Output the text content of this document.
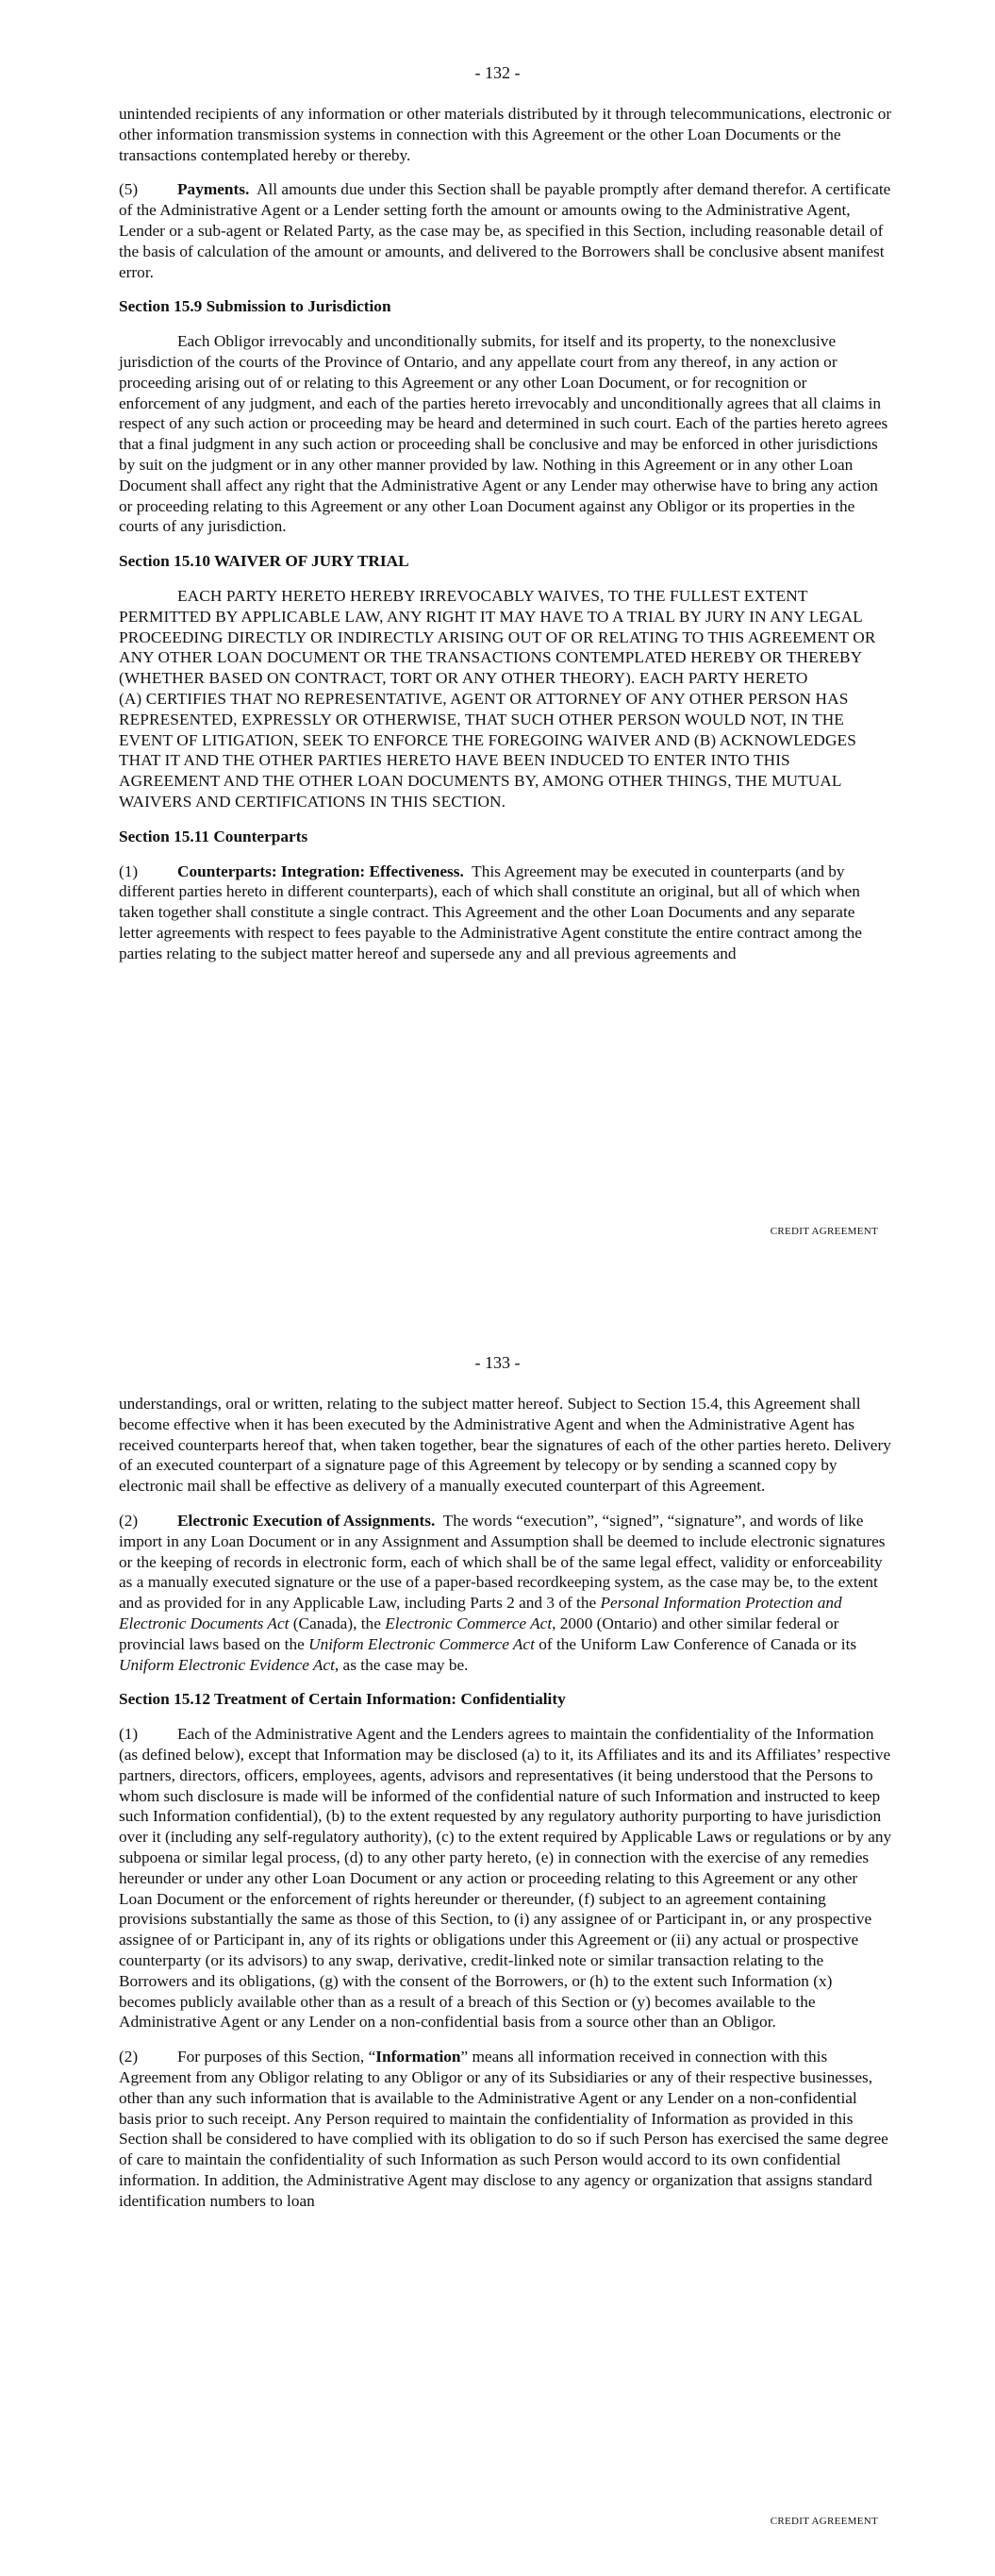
- 132 -

unintended recipients of any information or other materials distributed by it through telecommunications, electronic or other information transmission systems in connection with this Agreement or the other Loan Documents or the transactions contemplated hereby or thereby.

(5) Payments. All amounts due under this Section shall be payable promptly after demand therefor. A certificate of the Administrative Agent or a Lender setting forth the amount or amounts owing to the Administrative Agent, Lender or a sub-agent or Related Party, as the case may be, as specified in this Section, including reasonable detail of the basis of calculation of the amount or amounts, and delivered to the Borrowers shall be conclusive absent manifest error.

Section 15.9 Submission to Jurisdiction

Each Obligor irrevocably and unconditionally submits, for itself and its property, to the nonexclusive jurisdiction of the courts of the Province of Ontario, and any appellate court from any thereof, in any action or proceeding arising out of or relating to this Agreement or any other Loan Document, or for recognition or enforcement of any judgment, and each of the parties hereto irrevocably and unconditionally agrees that all claims in respect of any such action or proceeding may be heard and determined in such court. Each of the parties hereto agrees that a final judgment in any such action or proceeding shall be conclusive and may be enforced in other jurisdictions by suit on the judgment or in any other manner provided by law. Nothing in this Agreement or in any other Loan Document shall affect any right that the Administrative Agent or any Lender may otherwise have to bring any action or proceeding relating to this Agreement or any other Loan Document against any Obligor or its properties in the courts of any jurisdiction.

Section 15.10 WAIVER OF JURY TRIAL

EACH PARTY HERETO HEREBY IRREVOCABLY WAIVES, TO THE FULLEST EXTENT PERMITTED BY APPLICABLE LAW, ANY RIGHT IT MAY HAVE TO A TRIAL BY JURY IN ANY LEGAL PROCEEDING DIRECTLY OR INDIRECTLY ARISING OUT OF OR RELATING TO THIS AGREEMENT OR ANY OTHER LOAN DOCUMENT OR THE TRANSACTIONS CONTEMPLATED HEREBY OR THEREBY (WHETHER BASED ON CONTRACT, TORT OR ANY OTHER THEORY). EACH PARTY HERETO
(A) CERTIFIES THAT NO REPRESENTATIVE, AGENT OR ATTORNEY OF ANY OTHER PERSON HAS REPRESENTED, EXPRESSLY OR OTHERWISE, THAT SUCH OTHER PERSON WOULD NOT, IN THE EVENT OF LITIGATION, SEEK TO ENFORCE THE FOREGOING WAIVER AND (B) ACKNOWLEDGES THAT IT AND THE OTHER PARTIES HERETO HAVE BEEN INDUCED TO ENTER INTO THIS AGREEMENT AND THE OTHER LOAN DOCUMENTS BY, AMONG OTHER THINGS, THE MUTUAL WAIVERS AND CERTIFICATIONS IN THIS SECTION.

Section 15.11 Counterparts

(1) Counterparts: Integration: Effectiveness. This Agreement may be executed in counterparts (and by different parties hereto in different counterparts), each of which shall constitute an original, but all of which when taken together shall constitute a single contract. This Agreement and the other Loan Documents and any separate letter agreements with respect to fees payable to the Administrative Agent constitute the entire contract among the parties relating to the subject matter hereof and supersede any and all previous agreements and

CREDIT AGREEMENT
- 133 -

understandings, oral or written, relating to the subject matter hereof. Subject to Section 15.4, this Agreement shall become effective when it has been executed by the Administrative Agent and when the Administrative Agent has received counterparts hereof that, when taken together, bear the signatures of each of the other parties hereto. Delivery of an executed counterpart of a signature page of this Agreement by telecopy or by sending a scanned copy by electronic mail shall be effective as delivery of a manually executed counterpart of this Agreement.

(2) Electronic Execution of Assignments. The words “execution”, “signed”, “signature”, and words of like import in any Loan Document or in any Assignment and Assumption shall be deemed to include electronic signatures or the keeping of records in electronic form, each of which shall be of the same legal effect, validity or enforceability as a manually executed signature or the use of a paper-based recordkeeping system, as the case may be, to the extent and as provided for in any Applicable Law, including Parts 2 and 3 of the Personal Information Protection and Electronic Documents Act (Canada), the Electronic Commerce Act, 2000 (Ontario) and other similar federal or provincial laws based on the Uniform Electronic Commerce Act of the Uniform Law Conference of Canada or its Uniform Electronic Evidence Act, as the case may be.

Section 15.12 Treatment of Certain Information: Confidentiality

(1) Each of the Administrative Agent and the Lenders agrees to maintain the confidentiality of the Information (as defined below), except that Information may be disclosed (a) to it, its Affiliates and its and its Affiliates’ respective partners, directors, officers, employees, agents, advisors and representatives (it being understood that the Persons to whom such disclosure is made will be informed of the confidential nature of such Information and instructed to keep such Information confidential), (b) to the extent requested by any regulatory authority purporting to have jurisdiction over it (including any self-regulatory authority), (c) to the extent required by Applicable Laws or regulations or by any subpoena or similar legal process, (d) to any other party hereto, (e) in connection with the exercise of any remedies hereunder or under any other Loan Document or any action or proceeding relating to this Agreement or any other Loan Document or the enforcement of rights hereunder or thereunder, (f) subject to an agreement containing provisions substantially the same as those of this Section, to (i) any assignee of or Participant in, or any prospective assignee of or Participant in, any of its rights or obligations under this Agreement or (ii) any actual or prospective counterparty (or its advisors) to any swap, derivative, credit-linked note or similar transaction relating to the Borrowers and its obligations, (g) with the consent of the Borrowers, or (h) to the extent such Information (x) becomes publicly available other than as a result of a breach of this Section or (y) becomes available to the Administrative Agent or any Lender on a non-confidential basis from a source other than an Obligor.

(2) For purposes of this Section, “Information” means all information received in connection with this Agreement from any Obligor relating to any Obligor or any of its Subsidiaries or any of their respective businesses, other than any such information that is available to the Administrative Agent or any Lender on a non-confidential basis prior to such receipt. Any Person required to maintain the confidentiality of Information as provided in this Section shall be considered to have complied with its obligation to do so if such Person has exercised the same degree of care to maintain the confidentiality of such Information as such Person would accord to its own confidential information. In addition, the Administrative Agent may disclose to any agency or organization that assigns standard identification numbers to loan

CREDIT AGREEMENT
